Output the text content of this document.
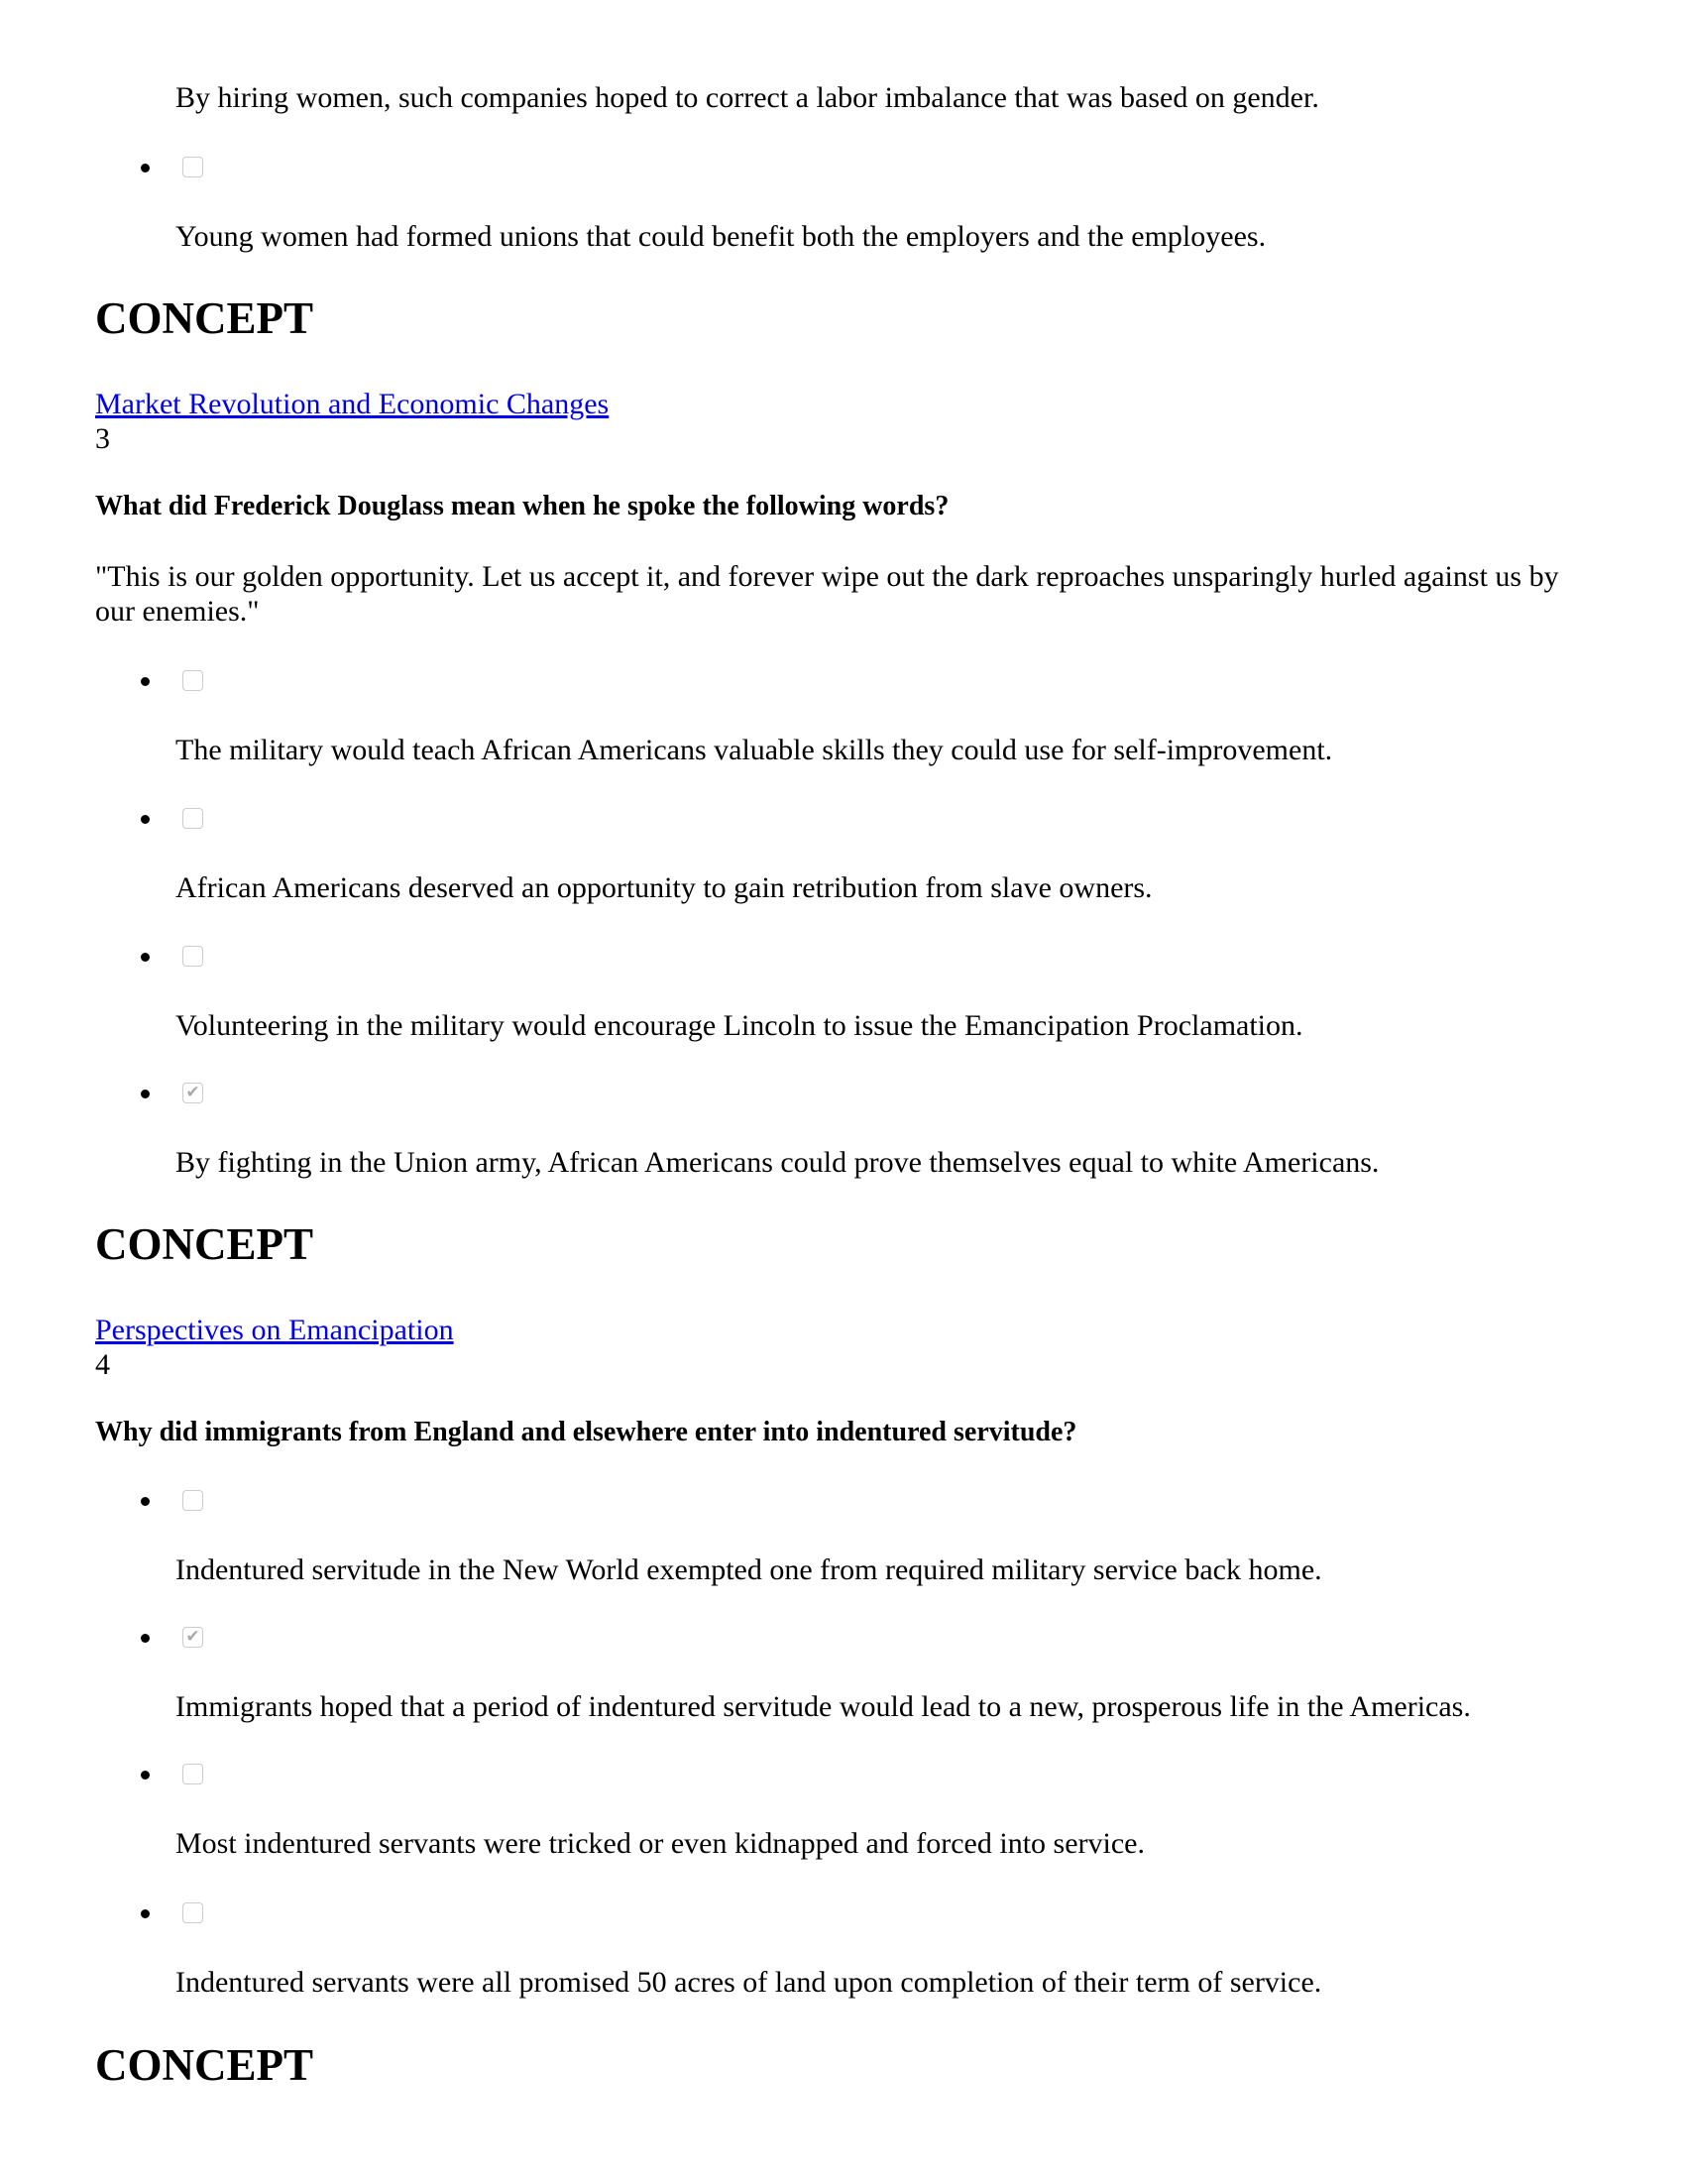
By hiring women, such companies hoped to correct a labor imbalance that was based on gender.
Young women had formed unions that could benefit both the employers and the employees.
CONCEPT
Market Revolution and Economic Changes
3
What did Frederick Douglass mean when he spoke the following words?
"This is our golden opportunity. Let us accept it, and forever wipe out the dark reproaches unsparingly hurled against us by our enemies."
The military would teach African Americans valuable skills they could use for self-improvement.
African Americans deserved an opportunity to gain retribution from slave owners.
Volunteering in the military would encourage Lincoln to issue the Emancipation Proclamation.
✔
By fighting in the Union army, African Americans could prove themselves equal to white Americans.
CONCEPT
Perspectives on Emancipation
4
Why did immigrants from England and elsewhere enter into indentured servitude?
Indentured servitude in the New World exempted one from required military service back home.
✔
Immigrants hoped that a period of indentured servitude would lead to a new, prosperous life in the Americas.
Most indentured servants were tricked or even kidnapped and forced into service.
Indentured servants were all promised 50 acres of land upon completion of their term of service.
CONCEPT
